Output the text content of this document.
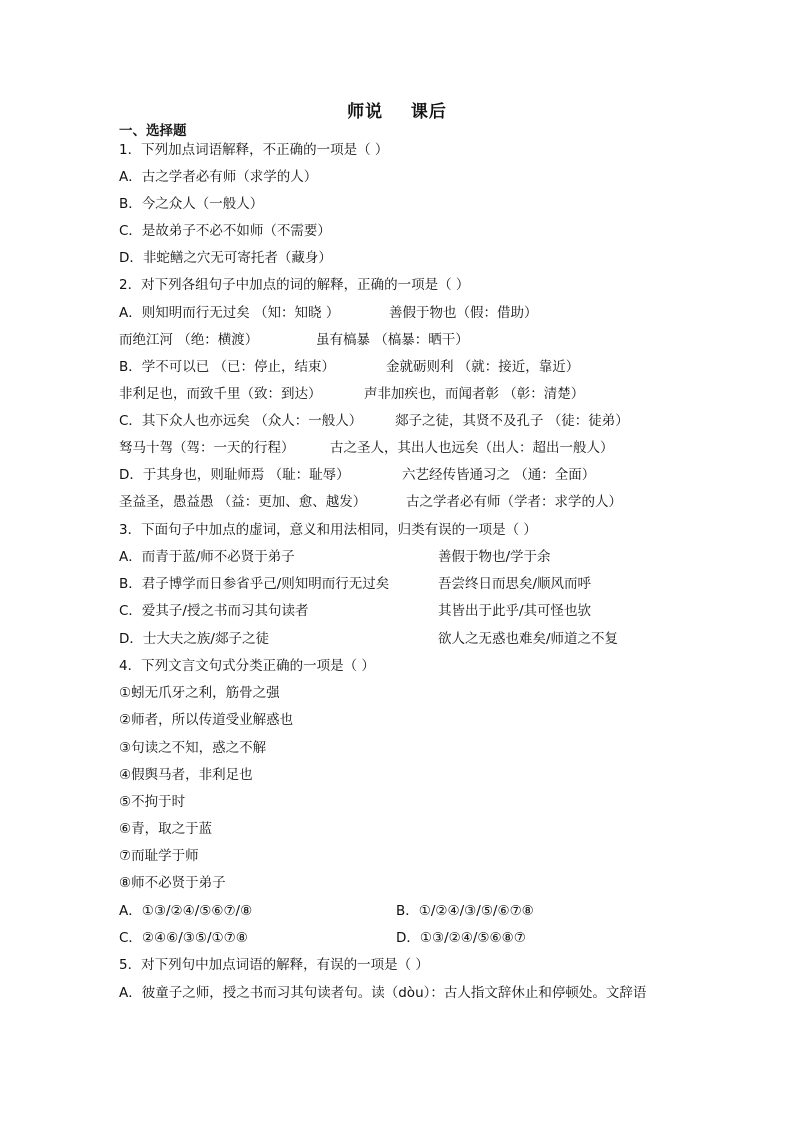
师说    课后
一、选择题
1．下列加点词语解释，不正确的一项是（ ）
A．古之学者必有师（求学的人）
B．今之众人（一般人）
C．是故弟子不必不如师（不需要）
D．非蛇鳝之穴无可寄托者（藏身）
2．对下列各组句子中加点的词的解释，正确的一项是（ ）
A．则知明而行无过矣 （知：知晓 ）	善假于物也（假：借助）
而绝江河 （绝：横渡）	虽有槁暴 （槁暴：晒干）
B．学不可以已 （已：停止，结束）	金就砺则利 （就：接近，靠近）
非利足也，而致千里（致：到达）	声非加疾也，而闻者彰 （彰：清楚）
C．其下众人也亦远矣 （众人：一般人） 郯子之徒，其贤不及孔子 （徒：徒弟）
驽马十驾（驾：一天的行程）	古之圣人，其出人也远矣（出人：超出一般人）
D．于其身也，则耻师焉 （耻：耻辱）	六艺经传皆通习之 （通：全面）
圣益圣，愚益愚 （益：更加、愈、越发）	古之学者必有师（学者：求学的人）
3．下面句子中加点的虚词，意义和用法相同，归类有误的一项是（ ）
A．而青于蓝/师不必贤于弟子	善假于物也/学于余
B．君子博学而日参省乎己/则知明而行无过矣	吾尝终日而思矣/顺风而呼
C．爱其子/授之书而习其句读者	其皆出于此乎/其可怪也欤
D．士大夫之族/郯子之徒	欲人之无惑也难矣/师道之不复
4．下列文言文句式分类正确的一项是（ ）
①蚓无爪牙之利，筋骨之强
②师者，所以传道受业解惑也
③句读之不知，惑之不解
④假舆马者，非利足也
⑤不拘于时
⑥青，取之于蓝
⑦而耻学于师
⑧师不必贤于弟子
A．①③/②④/⑤⑥⑦/⑧	B．①/②④/③/⑤/⑥⑦⑧
C．②④⑥/③⑤/①⑦⑧	D．①③/②④/⑤⑥⑧⑦
5．对下列句中加点词语的解释，有误的一项是（ ）
A．彼童子之师，授之书而习其句读者句。读（dòu）：古人指文辞休止和停顿处。文辞语
